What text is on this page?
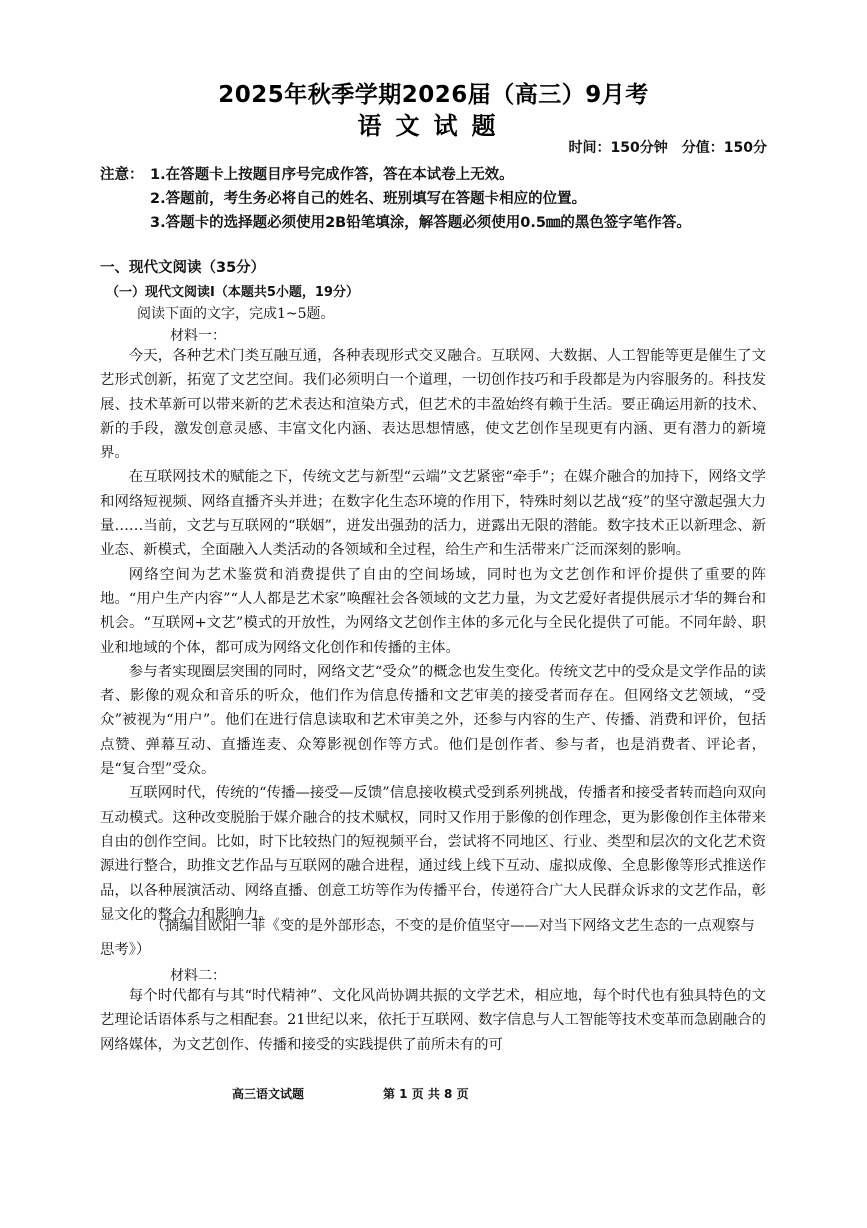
2025年秋季学期2026届（高三）9月考
语文试题
时间：150分钟　分值：150分
注意： 1.在答题卡上按题目序号完成作答，答在本试卷上无效。
2.答题前，考生务必将自己的姓名、班别填写在答题卡相应的位置。
3.答题卡的选择题必须使用2B铅笔填涂，解答题必须使用0.5㎜的黑色签字笔作答。
一、现代文阅读（35分）
（一）现代文阅读Ⅰ（本题共5小题，19分）
阅读下面的文字，完成1~5题。
材料一：

今天，各种艺术门类互融互通，各种表现形式交叉融合。互联网、大数据、人工智能等更是催生了文艺形式创新，拓宽了文艺空间。我们必须明白一个道理，一切创作技巧和手段都是为内容服务的。科技发展、技术革新可以带来新的艺术表达和渲染方式，但艺术的丰盈始终有赖于生活。要正确运用新的技术、新的手段，激发创意灵感、丰富文化内涵、表达思想情感，使文艺创作呈现更有内涵、更有潜力的新境界。

在互联网技术的赋能之下，传统文艺与新型“云端”文艺紧密“牵手”；在媒介融合的加持下，网络文学和网络短视频、网络直播齐头并进；在数字化生态环境的作用下，特殊时刻以艺战“疫”的坚守激起强大力量……当前，文艺与互联网的“联姻”，迸发出强劲的活力，迸露出无限的潜能。数字技术正以新理念、新业态、新模式，全面融入人类活动的各领域和全过程，给生产和生活带来广泛而深刻的影响。

网络空间为艺术鉴赏和消费提供了自由的空间场域，同时也为文艺创作和评价提供了重要的阵地。“用户生产内容”“人人都是艺术家”唤醒社会各领域的文艺力量，为文艺爱好者提供展示才华的舞台和机会。“互联网+文艺”模式的开放性，为网络文艺创作主体的多元化与全民化提供了可能。不同年龄、职业和地域的个体，都可成为网络文化创作和传播的主体。

参与者实现圈层突围的同时，网络文艺“受众”的概念也发生变化。传统文艺中的受众是文学作品的读者、影像的观众和音乐的听众，他们作为信息传播和文艺审美的接受者而存在。但网络文艺领域，“受众”被视为“用户”。他们在进行信息读取和艺术审美之外，还参与内容的生产、传播、消费和评价，包括点赞、弹幕互动、直播连麦、众筹影视创作等方式。他们是创作者、参与者，也是消费者、评论者，是“复合型”受众。

互联网时代，传统的“传播—接受—反馈”信息接收模式受到系列挑战，传播者和接受者转而趋向双向互动模式。这种改变脱胎于媒介融合的技术赋权，同时又作用于影像的创作理念，更为影像创作主体带来自由的创作空间。比如，时下比较热门的短视频平台，尝试将不同地区、行业、类型和层次的文化艺术资源进行整合，助推文艺作品与互联网的融合进程，通过线上线下互动、虚拟成像、全息影像等形式推送作品，以各种展演活动、网络直播、创意工坊等作为传播平台，传递符合广大人民群众诉求的文艺作品，彰显文化的整合力和影响力。

（摘编自欧阳一菲《变的是外部形态，不变的是价值坚守——对当下网络文艺生态的一点观察与思考》）
材料二：

每个时代都有与其“时代精神”、文化风尚协调共振的文学艺术，相应地，每个时代也有独具特色的文艺理论话语体系与之相配套。21世纪以来，依托于互联网、数字信息与人工智能等技术变革而急剧融合的网络媒体，为文艺创作、传播和接受的实践提供了前所未有的可

高三语文试题	第 1 页 共 8 页
